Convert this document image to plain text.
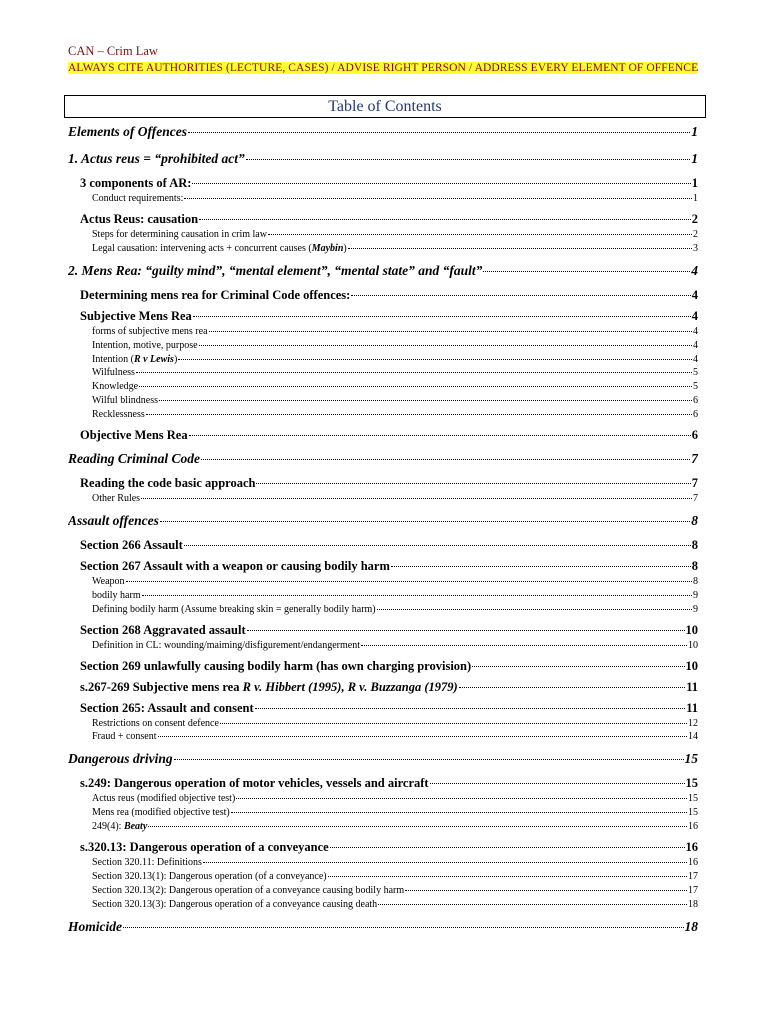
CAN – Crim Law
ALWAYS CITE AUTHORITIES (LECTURE, CASES) / ADVISE RIGHT PERSON / ADDRESS EVERY ELEMENT OF OFFENCE
Table of Contents
Elements of Offences	1
1. Actus reus = “prohibited act”	1
3 components of AR:	1
Conduct requirements:	1
Actus Reus: causation	2
Steps for determining causation in crim law	2
Legal causation: intervening acts + concurrent causes (Maybin)	3
2. Mens Rea: “guilty mind”, “mental element”, “mental state” and “fault”	4
Determining mens rea for Criminal Code offences:	4
Subjective Mens Rea	4
forms of subjective mens rea	4
Intention, motive, purpose	4
Intention (R v Lewis)	4
Wilfulness	5
Knowledge	5
Wilful blindness	6
Recklessness	6
Objective Mens Rea	6
Reading Criminal Code	7
Reading the code basic approach	7
Other Rules	7
Assault offences	8
Section 266 Assault	8
Section 267 Assault with a weapon or causing bodily harm	8
Weapon	8
bodily harm	9
Defining bodily harm (Assume breaking skin = generally bodily harm)	9
Section 268 Aggravated assault	10
Definition in CL: wounding/maiming/disfigurement/endangerment	10
Section 269 unlawfully causing bodily harm (has own charging provision)	10
s.267-269 Subjective mens rea R v. Hibbert (1995), R v. Buzzanga (1979)	11
Section 265: Assault and consent	11
Restrictions on consent defence	12
Fraud + consent	14
Dangerous driving	15
s.249: Dangerous operation of motor vehicles, vessels and aircraft	15
Actus reus (modified objective test)	15
Mens rea (modified objective test)	15
249(4): Beaty	16
s.320.13: Dangerous operation of a conveyance	16
Section 320.11: Definitions	16
Section 320.13(1): Dangerous operation (of a conveyance)	17
Section 320.13(2): Dangerous operation of a conveyance causing bodily harm	17
Section 320.13(3): Dangerous operation of a conveyance causing death	18
Homicide	18
